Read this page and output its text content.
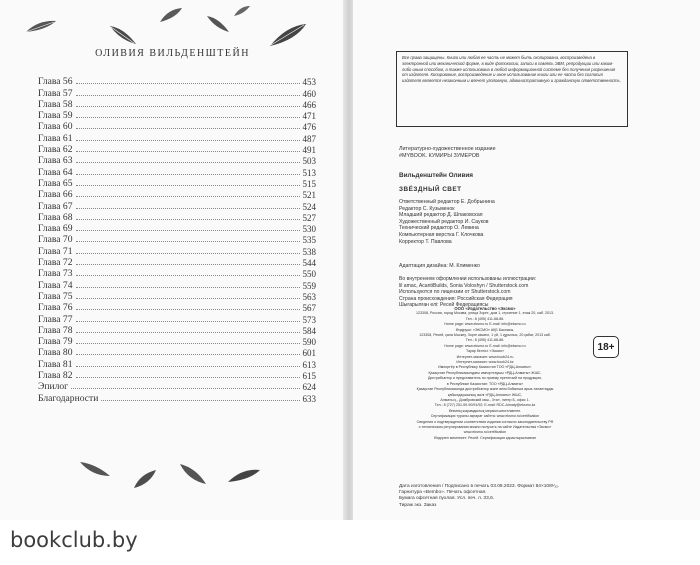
ОЛИВИЯ ВИЛЬДЕНШТЕЙН
Глава 56	453
Глава 57	460
Глава 58	466
Глава 59	471
Глава 60	476
Глава 61	487
Глава 62	491
Глава 63	503
Глава 64	513
Глава 65	515
Глава 66	521
Глава 67	524
Глава 68	527
Глава 69	530
Глава 70	535
Глава 71	538
Глава 72	544
Глава 73	550
Глава 74	559
Глава 75	563
Глава 76	567
Глава 77	573
Глава 78	584
Глава 79	590
Глава 80	601
Глава 81	613
Глава 82	615
Эпилог	624
Благодарности	633
Все права защищены. Книга или любая ее часть не может быть скопирована, воспроизведена в электронной или механической форме, в виде фотокопии, записи в память ЭВМ, репродукции или каким-либо иным способом, а также использована в любой информационной системе без получения разрешения от издателя. Копирование, воспроизведение и иное использование книги или ее части без согласия издателя является незаконным и влечет уголовную, административную и гражданскую ответственность.
Литературно-художественное издание
#MYBOOK. КУМИРЫ ЗУМЕРОВ
Вильденштейн Оливия
ЗВЁЗДНЫЙ СВЕТ
Ответственный редактор Е. Добрынина
Редактор С. Кузьменок
Младший редактор Д. Шпаковская
Художественный редактор И. Сауков
Технический редактор О. Левина
Компьютерная верстка Г. Клочкова
Корректор Т. Павлова
Адаптация дизайна: М. Клименко
Во внутреннем оформлении использованы иллюстрации:
lil amac, AcantiBuilds, Sonia Voloshyn / Shutterstock.com
Используются по лицензии от Shutterstock.com
Страна происхождения: Российская Федерация
Шығарылған елі: Ресей Федерациясы
ООО «Издательство «Эксмо»
123308, Россия, город Москва, улица Зорге, дом 1, строение 1, этаж 20, каб. 2013.
Тел.: 8 (495) 411-68-86.
Home page: www.eksmo.ru E-mail: info@eksmo.ru
Өндіруші: «ЭКСМО» АҚБ Баспасы,
123308, Ресей, қала Мәскеу, Зорге көшесі, 1 үй, 1 құрылыс, 20 қабат, 2013 каб.
Тел.: 8 (495) 411-68-86.
Home page: www.eksmo.ru E-mail: info@eksmo.ru
Тауар белгісі: «Эксмо»
Интернет-магазин: www.book24.ru
Интернет-магазин: www.book24.kz
Импортёр в Республику Казахстан ТОО «РДЦ-Алматы».
Қазақстан Республикасындағы импорттаушы «РДЦ-Алматы» ЖШС.
Дистрибьютор и представитель по приему претензий на продукцию,
в Республике Казахстан: ТОО «РДЦ-Алматы»
Қазақстан Республикасында дистрибьютор және өнім бойынша арыз-талаптарды
қабылдаушының өкілі «РДЦ-Алматы» ЖШС,
Алматы қ., Домбровский көш., 3«а», литер Б, офис 1.
Тел.: 8 (727) 251-59-90/91/92; E-mail: RDC-Almaty@eksmo.kz
Өнімнің жарамдылық мерзімі шектелмеген.
Сертификация туралы ақпарат сайтта: www.eksmo.ru/certification
Сведения о подтверждении соответствия издания согласно законодательству РФ
о техническом регулировании можно получить на сайте Издательства «Эксмо»
www.eksmo.ru/certification
Өндірген мемлекет: Ресей. Сертификация қарастырылмаған
18+
Дата изготовления / Подписано в печать 03.08.2023. Формат 84×108¹⁄₃₂.
Гарнитура «Bembo». Печать офсетная.
Бумага офсетная пухлая. Усл. печ. л. 33,6.
Тираж экз. Заказ
bookclub.by
